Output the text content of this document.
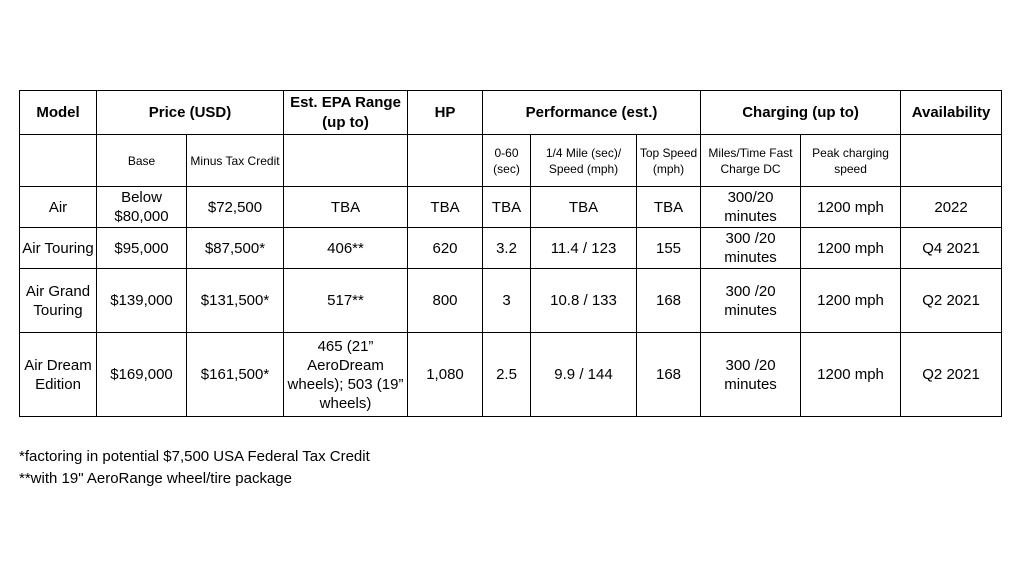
Model	Price (USD)		Est. EPA Range (up to)	HP	Performance (est.)			Charging (up to)		Availability
	Base	Minus Tax Credit			0-60 (sec)	1/4 Mile (sec)/ Speed (mph)	Top Speed (mph)	Miles/Time Fast Charge DC	Peak charging speed	
Air	Below $80,000	$72,500	TBA	TBA	TBA	TBA	TBA	300/20 minutes	1200 mph	2022
Air Touring	$95,000	$87,500*	406**	620	3.2	11.4 / 123	155	300 /20 minutes	1200 mph	Q4 2021
Air Grand Touring	$139,000	$131,500*	517**	800	3	10.8 / 133	168	300 /20 minutes	1200 mph	Q2 2021
Air Dream Edition	$169,000	$161,500*	465 (21” AeroDream wheels); 503 (19” wheels)	1,080	2.5	9.9 / 144	168	300 /20 minutes	1200 mph	Q2 2021
*factoring in potential $7,500 USA Federal Tax Credit
**with 19" AeroRange wheel/tire package
